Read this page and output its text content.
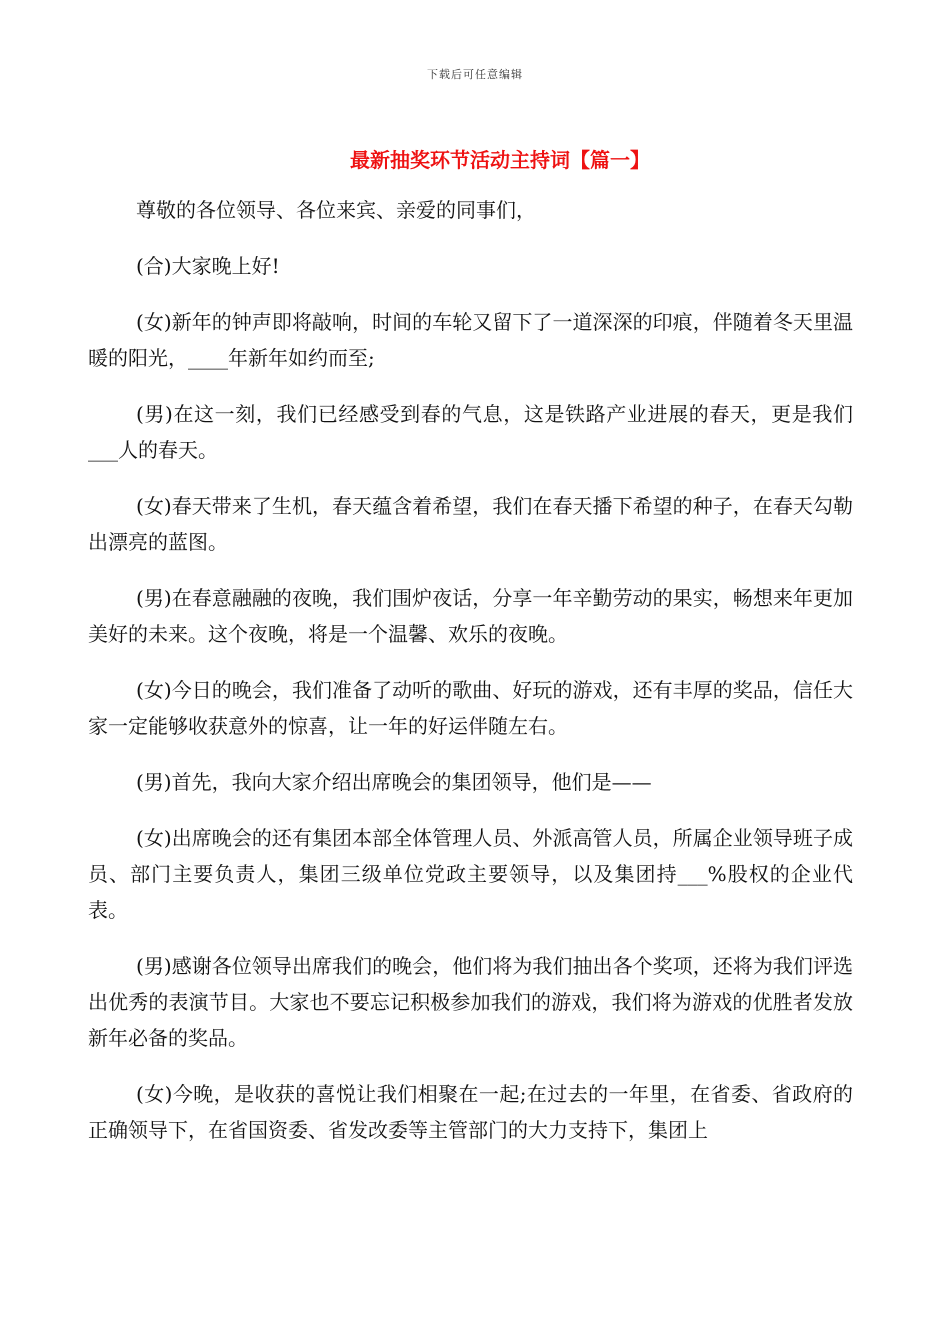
下载后可任意编辑
最新抽奖环节活动主持词【篇一】

尊敬的各位领导、各位来宾、亲爱的同事们，

(合)大家晚上好!

(女)新年的钟声即将敲响，时间的车轮又留下了一道深深的印痕，伴随着冬天里温暖的阳光，____年新年如约而至;

(男)在这一刻，我们已经感受到春的气息，这是铁路产业进展的春天，更是我们___人的春天。

(女)春天带来了生机，春天蕴含着希望，我们在春天播下希望的种子，在春天勾勒出漂亮的蓝图。

(男)在春意融融的夜晚，我们围炉夜话，分享一年辛勤劳动的果实，畅想来年更加美好的未来。这个夜晚，将是一个温馨、欢乐的夜晚。

(女)今日的晚会，我们准备了动听的歌曲、好玩的游戏，还有丰厚的奖品，信任大家一定能够收获意外的惊喜，让一年的好运伴随左右。

(男)首先，我向大家介绍出席晚会的集团领导，他们是——

(女)出席晚会的还有集团本部全体管理人员、外派高管人员，所属企业领导班子成员、部门主要负责人，集团三级单位党政主要领导，以及集团持___%股权的企业代表。

(男)感谢各位领导出席我们的晚会，他们将为我们抽出各个奖项，还将为我们评选出优秀的表演节目。大家也不要忘记积极参加我们的游戏，我们将为游戏的优胜者发放新年必备的奖品。

(女)今晚，是收获的喜悦让我们相聚在一起;在过去的一年里，在省委、省政府的正确领导下，在省国资委、省发改委等主管部门的大力支持下，集团上
